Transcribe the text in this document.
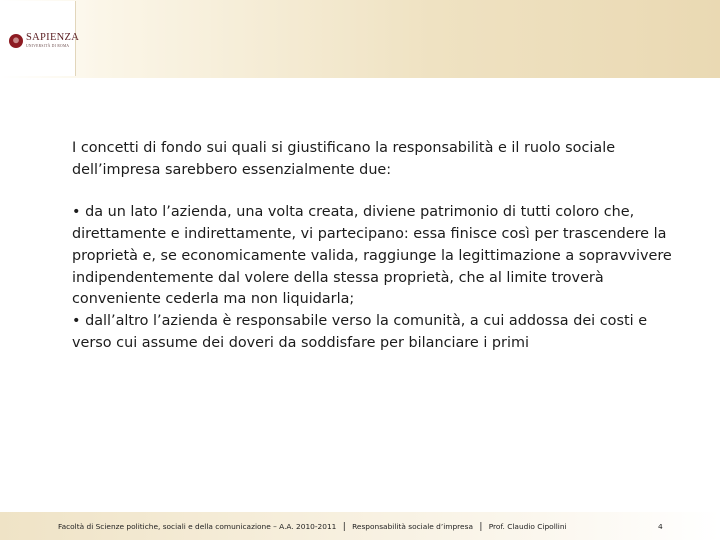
SAPIENZA
UNIVERSITÀ DI ROMA

I concetti di fondo sui quali si giustificano la responsabilità e il ruolo sociale dell’impresa sarebbero essenzialmente due:

• da un lato l’azienda, una volta creata, diviene patrimonio di tutti coloro che, direttamente e indirettamente, vi partecipano: essa finisce così per trascendere la proprietà e, se economicamente valida, raggiunge la legittimazione a sopravvivere indipendentemente dal volere della stessa proprietà, che al limite troverà conveniente cederla ma non liquidarla;

• dall’altro l’azienda è responsabile verso la comunità, a cui addossa dei costi e verso cui assume dei doveri da soddisfare per bilanciare i primi

Facoltà di Scienze politiche, sociali e della comunicazione – A.A. 2010-2011 | Responsabilità sociale d’impresa | Prof. Claudio Cipollini	4
